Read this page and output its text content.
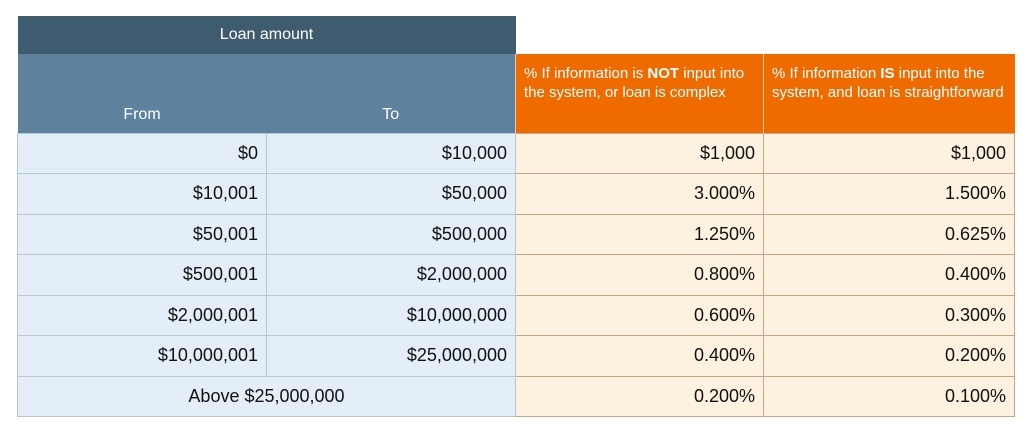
Loan amount			
From	To	% If information is NOT input into the system, or loan is complex	% If information IS input into the system, and loan is straightforward
$0	$10,000	$1,000	$1,000
$10,001	$50,000	3.000%	1.500%
$50,001	$500,000	1.250%	0.625%
$500,001	$2,000,000	0.800%	0.400%
$2,000,001	$10,000,000	0.600%	0.300%
$10,000,001	$25,000,000	0.400%	0.200%
Above $25,000,000		0.200%	0.100%
